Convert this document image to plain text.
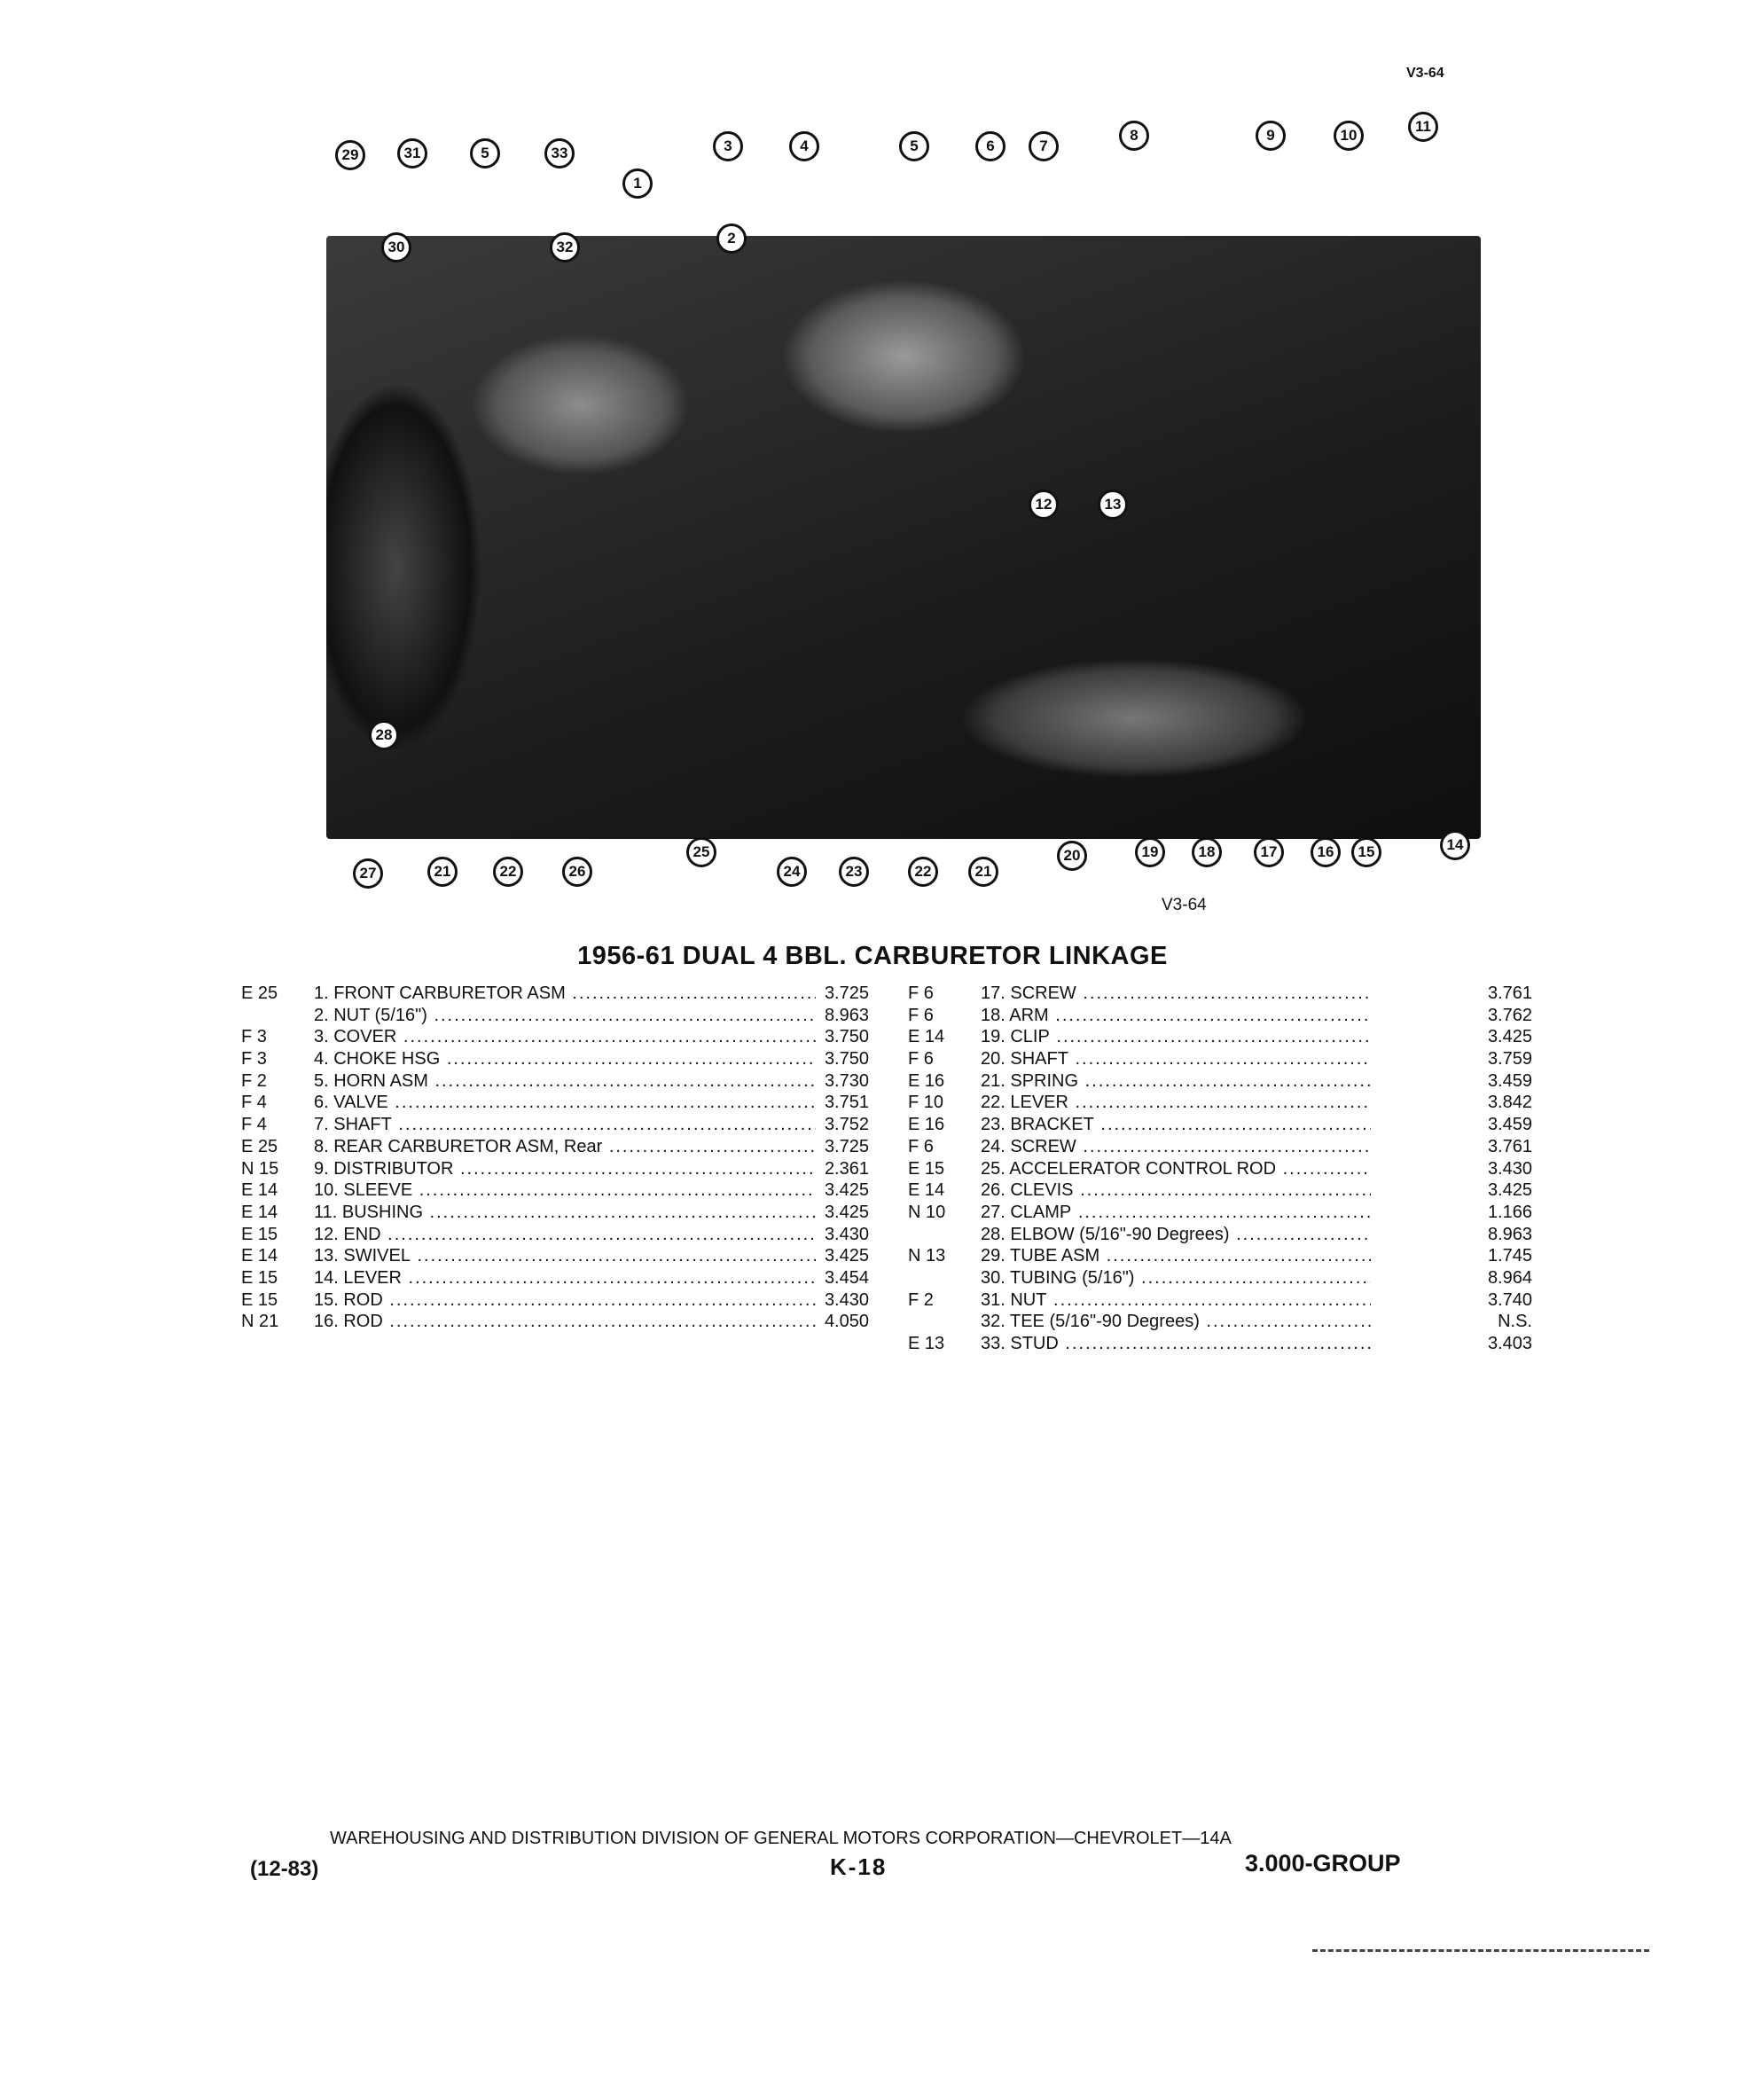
V3-64
29	31	5	33
1
3	4	5	6	7
8	9	10
11
30	32
2
12	13
28
27	21	22	26
25
24	23	22	21
20	19	18	17	16	15	14
V3-64
1956-61 DUAL 4 BBL. CARBURETOR LINKAGE
E 25	1. FRONT CARBURETOR ASM .....	3.725
2. NUT (5/16") .....	8.963
F 3	3. COVER .....	3.750
F 3	4. CHOKE HSG .....	3.750
F 2	5. HORN ASM .....	3.730
F 4	6. VALVE .....	3.751
F 4	7. SHAFT .....	3.752
E 25	8. REAR CARBURETOR ASM, Rear .....	3.725
N 15	9. DISTRIBUTOR .....	2.361
E 14	10. SLEEVE .....	3.425
E 14	11. BUSHING .....	3.425
E 15	12. END .....	3.430
E 14	13. SWIVEL .....	3.425
E 15	14. LEVER .....	3.454
E 15	15. ROD .....	3.430
N 21	16. ROD .....	4.050
F 6	17. SCREW .....	3.761
F 6	18. ARM .....	3.762
E 14	19. CLIP .....	3.425
F 6	20. SHAFT .....	3.759
E 16	21. SPRING .....	3.459
F 10	22. LEVER .....	3.842
E 16	23. BRACKET .....	3.459
F 6	24. SCREW .....	3.761
E 15	25. ACCELERATOR CONTROL ROD .....	3.430
E 14	26. CLEVIS .....	3.425
N 10	27. CLAMP .....	1.166
28. ELBOW (5/16"-90 Degrees) .....	8.963
N 13	29. TUBE ASM .....	1.745
30. TUBING (5/16") .....	8.964
F 2	31. NUT .....	3.740
32. TEE (5/16"-90 Degrees) .....	N.S.
E 13	33. STUD .....	3.403
WAREHOUSING AND DISTRIBUTION DIVISION OF GENERAL MOTORS CORPORATION—CHEVROLET—14A
(12-83)	K-18	3.000-GROUP
